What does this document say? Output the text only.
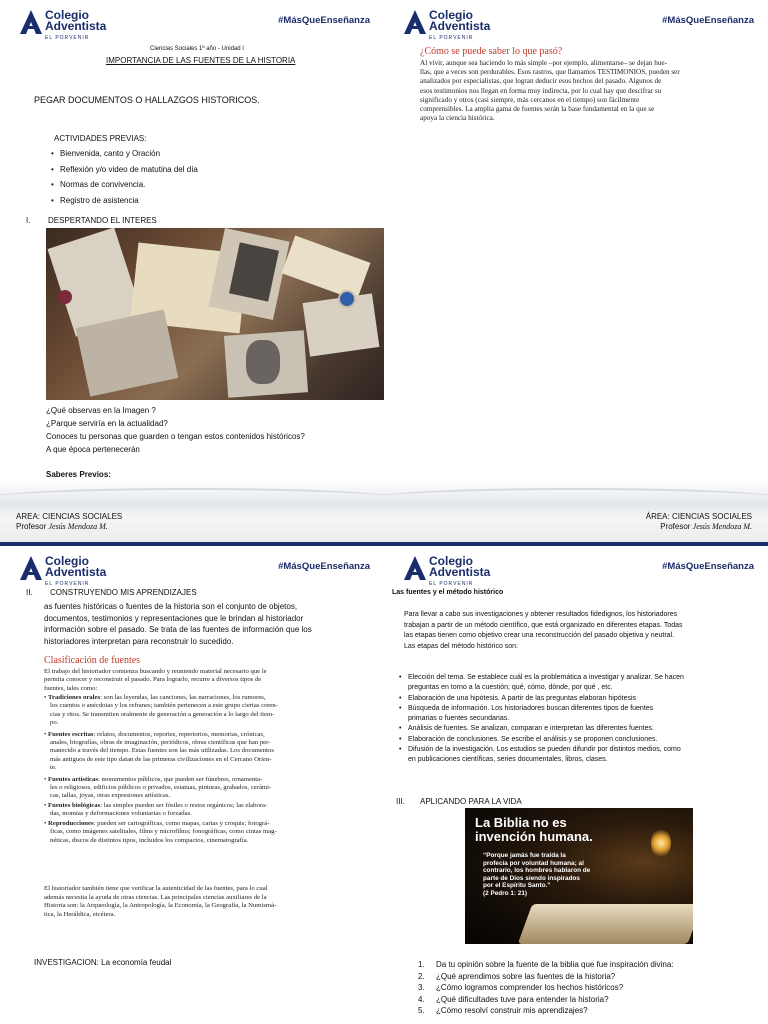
Colegio
Adventista
EL PORVENIR
#MásQueEnseñanza
Ciencias Sociales 1º año - Unidad I
IMPORTANCIA DE LAS FUENTES DE LA HISTORIA
PEGAR DOCUMENTOS O HALLAZGOS HISTORICOS.
ACTIVIDADES PREVIAS:
• Bienvenida, canto y Oración
• Reflexión y/o video de matutina del día
• Normas de convivencia.
• Registro de asistencia
I. DESPERTANDO EL INTERES
¿Qué observas en la Imagen ?
¿Parque serviría en la actualidad?
Conoces tu personas que guarden o tengan estos contenidos históricos?
A que época pertenecerán
Saberes Previos:
AREA: CIENCIAS SOCIALES
Profesor Jesús Mendoza M.
Colegio
Adventista
EL PORVENIR
#MásQueEnseñanza
¿Cómo se puede saber lo que pasó?
Al vivir, aunque sea haciendo lo más simple –por ejemplo, alimentarse– se dejan hue-
llas, que a veces son perdurables. Esos rastros, que llamamos TESTIMONIOS, pueden ser
analizados por especialistas, que logran deducir esos hechos del pasado. Algunos de
esos testimonios nos llegan en forma muy indirecta, por lo cual hay que descifrar su
significado y otros (casi siempre, más cercanos en el tiempo) son fácilmente
comprensibles. La amplia gama de fuentes serán la base fundamental en la que se
apoya la ciencia histórica.
ÁREA: CIENCIAS SOCIALES
Profesor Jesús Mendoza M.
Colegio
Adventista
EL PORVENIR
#MásQueEnseñanza
II. CONSTRUYENDO MIS APRENDIZAJES
as fuentes históricas o fuentes de la historia son el conjunto de objetos,
documentos, testimonios y representaciones que le brindan al historiador
información sobre el pasado. Se trata de las fuentes de información que los
historiadores interpretan para reconstruir lo sucedido.
Clasificación de fuentes
El trabajo del historiador comienza buscando y reuniendo material necesario que le
permita conocer y reconstruir el pasado. Para lograrlo, recurre a diversos tipos de
fuentes, tales como:
• Tradiciones orales: son las leyendas, las canciones, las narraciones, los rumores,
los cuentos o anécdotas y los refranes; también pertenecen a este grupo ciertas creen-
cias y ritos. Se transmiten oralmente de generación a generación a lo largo del tiem-
po.
• Fuentes escritas: relatos, documentos, reportes, repertorios, memorias, crónicas,
anales, biografías, obras de imaginación, periódicos, obras científicas que han per-
manecido a través del tiempo. Estas fuentes son las más utilizadas. Los documentos
más antiguos de este tipo datan de las primeras civilizaciones en el Cercano Orien-
te.
• Fuentes artísticas: monumentos públicos, que pueden ser fúnebres, ornamenta-
les o religiosos, edificios públicos o privados, estatuas, pinturas, grabados, cerámi-
cas, tallas, joyas, otras expresiones artísticas.
• Fuentes biológicas: las simples pueden ser fósiles o restos orgánicos; las elabora-
das, momias y deformaciones voluntarias o forzadas.
• Reproducciones: pueden ser cartográficas, como mapas, cartas y croquis; fotográ-
ficas, como imágenes satelitales, films y microfilms; fonográficas, como cintas mag-
néticas, discos de distintos tipos, incluidos los compactos, cinematografía.
El historiador también tiene que verificar la autenticidad de las fuentes, para lo cual
además necesita la ayuda de otras ciencias. Las principales ciencias auxiliares de la
Historia son: la Arqueología, la Antropología, la Economía, la Geografía, la Numismá-
tica, la Heráldica, etcétera.
INVESTIGACION: La economía feudal
Colegio
Adventista
EL PORVENIR
#MásQueEnseñanza
Las fuentes y el método histórico
Para llevar a cabo sus investigaciones y obtener resultados fidedignos, los historiadores
trabajan a partir de un método científico, que está organizado en diferentes etapas. Todas
las etapas tienen como objetivo crear una reconstrucción del pasado objetiva y neutral.
Las etapas del método histórico son:
• Elección del tema. Se establece cuál es la problemática a investigar y analizar. Se hacen
preguntas en torno a la cuestión; qué, cómo, dónde, por qué , etc.
• Elaboración de una hipótesis. A partir de las preguntas elaboran hipótesis
• Búsqueda de información. Los historiadores buscan diferentes tipos de fuentes
primarias o fuentes secundarias.
• Análisis de fuentes. Se analizan, comparan e interpretan las diferentes fuentes.
• Elaboración de conclusiones. Se escribe el análisis y se proponen conclusiones.
• Difusión de la investigación. Los estudios se pueden difundir por distintos medios, como
en publicaciones científicas, series documentales, libros, clases.
III. APLICANDO PARA LA VIDA
La Biblia no es
invención humana.
“Porque jamás fue traída la
profecía por voluntad humana; al
contrario, los hombres hablaron de
parte de Dios siendo inspirados
por el Espíritu Santo.”
(2 Pedro 1: 21)
1. Da tu opinión sobre la fuente de la biblia que fue inspiración divina:
2. ¿Qué aprendimos sobre las fuentes de la historia?
3. ¿Cómo logramos comprender los hechos históricos?
4. ¿Qué dificultades tuve para entender la historia?
5. ¿Cómo resolví construir mis aprendizajes?
